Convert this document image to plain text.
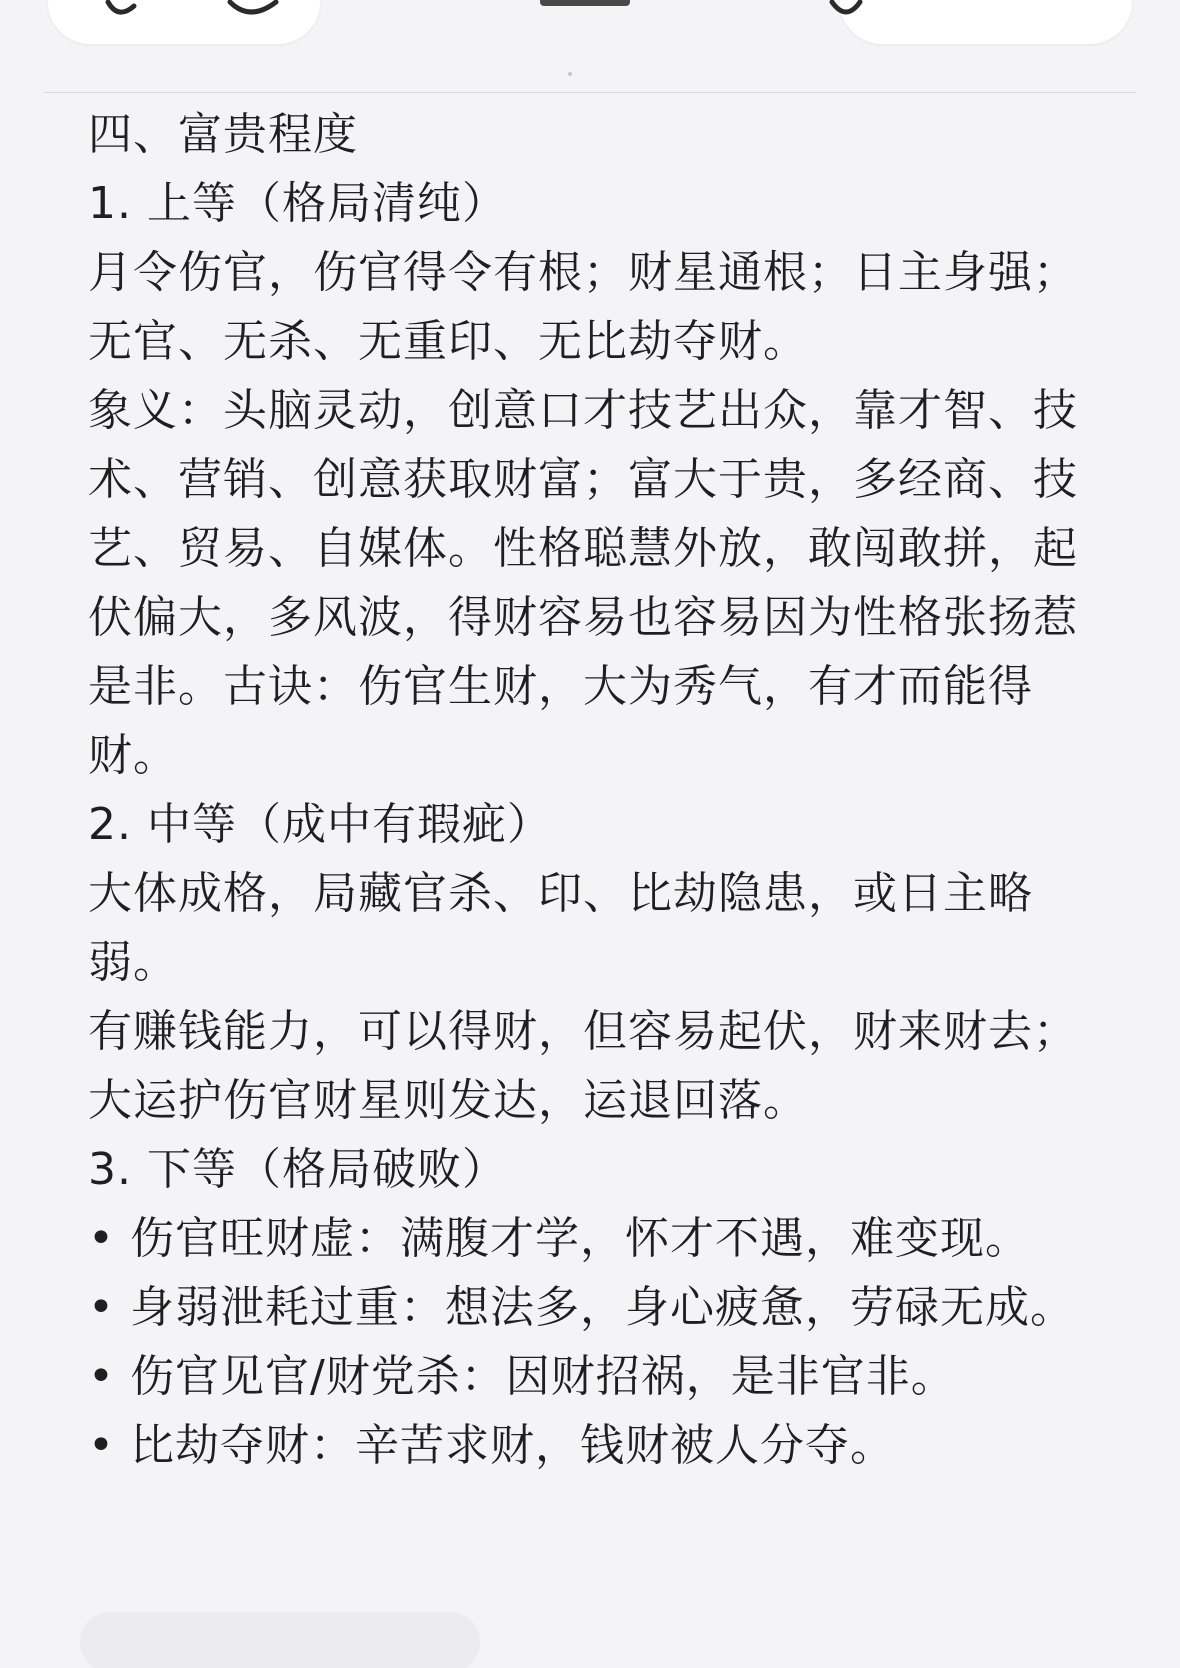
四、富贵程度

1. 上等（格局清纯）

月令伤官，伤官得令有根；财星通根；日主身强；无官、无杀、无重印、无比劫夺财。

象义：头脑灵动，创意口才技艺出众，靠才智、技术、营销、创意获取财富；富大于贵，多经商、技艺、贸易、自媒体。性格聪慧外放，敢闯敢拼，起伏偏大，多风波，得财容易也容易因为性格张扬惹是非。古诀：伤官生财，大为秀气，有才而能得财。

2. 中等（成中有瑕疵）

大体成格，局藏官杀、印、比劫隐患，或日主略弱。

有赚钱能力，可以得财，但容易起伏，财来财去；大运护伤官财星则发达，运退回落。

3. 下等（格局破败）

• 伤官旺财虚：满腹才学，怀才不遇，难变现。

• 身弱泄耗过重：想法多，身心疲惫，劳碌无成。

• 伤官见官/财党杀：因财招祸，是非官非。

• 比劫夺财：辛苦求财，钱财被人分夺。
